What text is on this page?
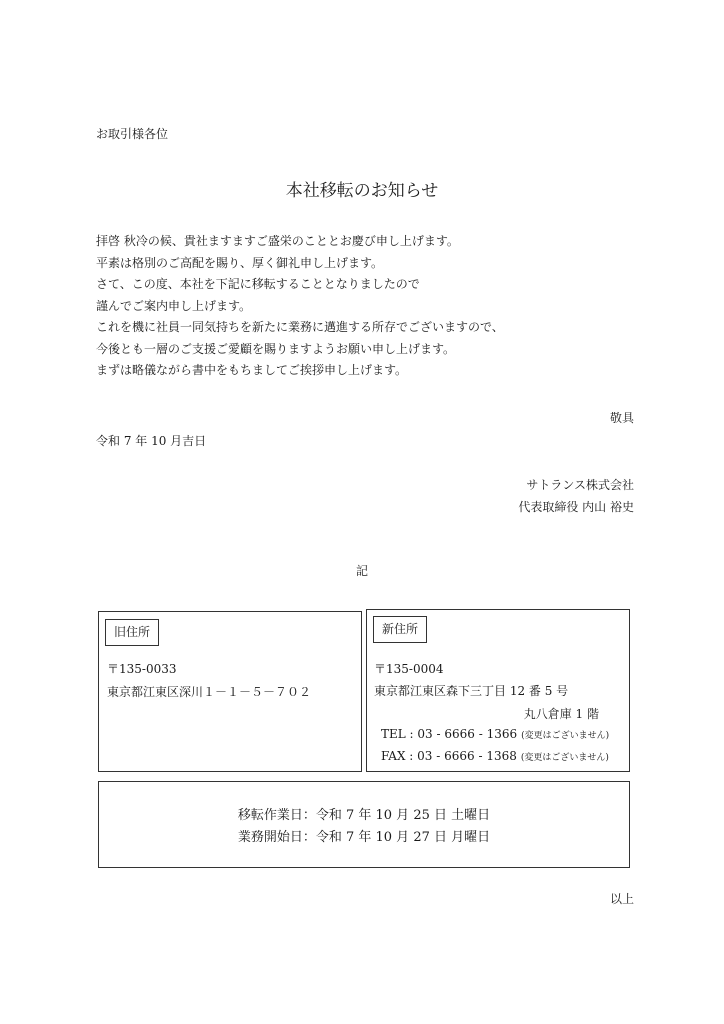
お取引様各位
本社移転のお知らせ
拝啓 秋冷の候、貴社ますますご盛栄のこととお慶び申し上げます。
平素は格別のご高配を賜り、厚く御礼申し上げます。
さて、この度、本社を下記に移転することとなりましたので
謹んでご案内申し上げます。
これを機に社員一同気持ちを新たに業務に邁進する所存でございますので、
今後とも一層のご支援ご愛顧を賜りますようお願い申し上げます。
まずは略儀ながら書中をもちましてご挨拶申し上げます。
敬具
令和 7 年 10 月吉日
サトランス株式会社
代表取締役 内山 裕史
記
旧住所
〒135-0033
東京都江東区深川１－１－５－７０２
新住所
〒135-0004
東京都江東区森下三丁目 12 番 5 号
丸八倉庫 1 階
TEL : 03 - 6666 - 1366 (変更はございません)
FAX : 03 - 6666 - 1368 (変更はございません)
移転作業日：令和 7 年 10 月 25 日 土曜日
業務開始日：令和 7 年 10 月 27 日 月曜日
以上
